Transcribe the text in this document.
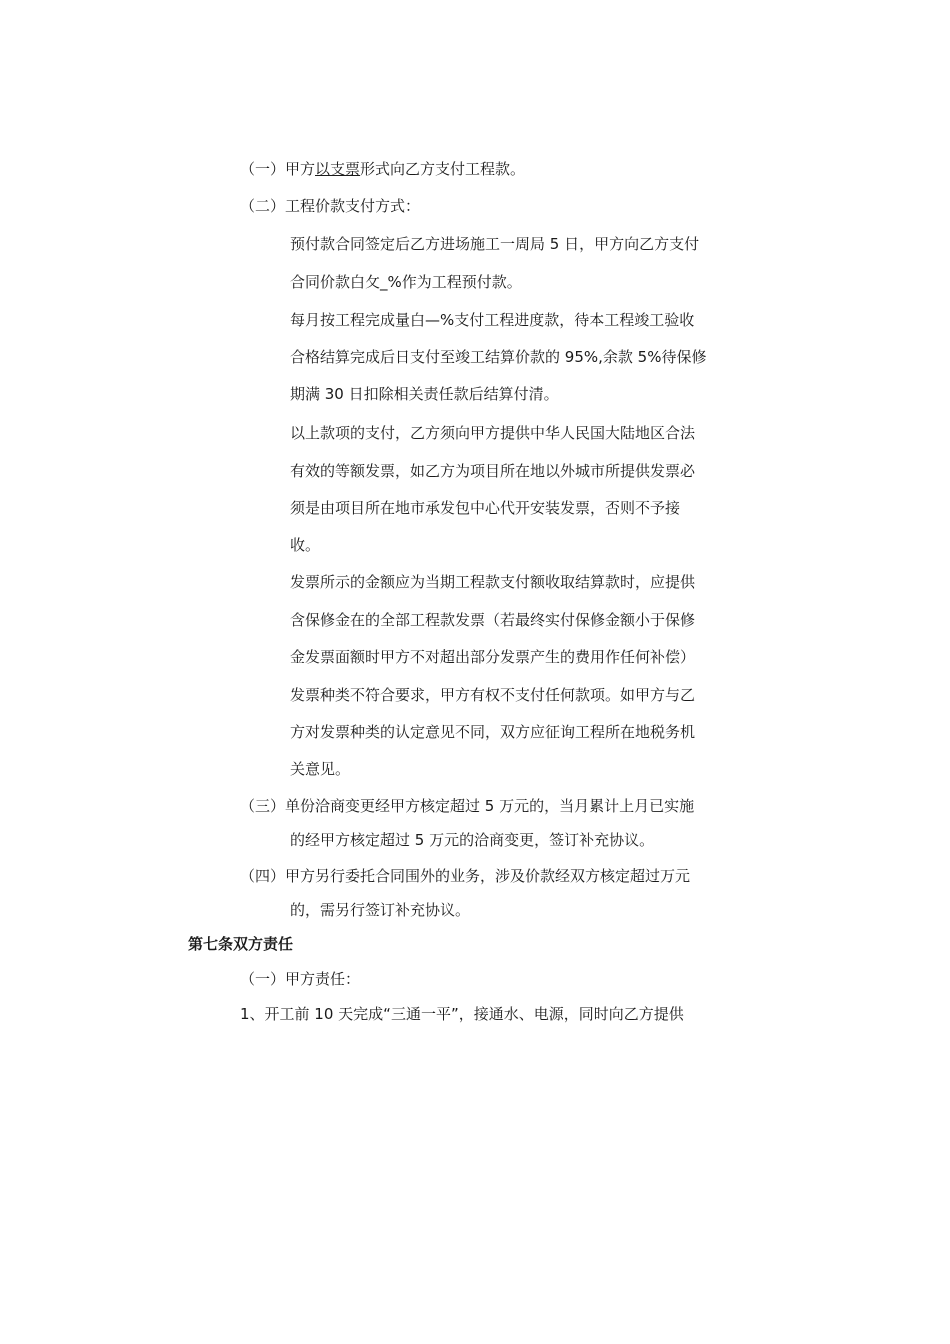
（一）甲方以支票形式向乙方支付工程款。
（二）工程价款支付方式：
预付款合同签定后乙方进场施工一周局 5 日，甲方向乙方支付
合同价款白攵_%作为工程预付款。
每月按工程完成量白—%支付工程进度款，待本工程竣工验收
合格结算完成后日支付至竣工结算价款的 95%,余款 5%待保修
期满 30 日扣除相关责任款后结算付清。
以上款项的支付，乙方须向甲方提供中华人民国大陆地区合法
有效的等额发票，如乙方为项目所在地以外城市所提供发票必
须是由项目所在地市承发包中心代开安装发票，否则不予接
收。
发票所示的金额应为当期工程款支付额收取结算款时，应提供
含保修金在的全部工程款发票（若最终实付保修金额小于保修
金发票面额时甲方不对超出部分发票产生的费用作任何补偿）
发票种类不符合要求，甲方有权不支付任何款项。如甲方与乙
方对发票种类的认定意见不同，双方应征询工程所在地税务机
关意见。
（三）单份洽商变更经甲方核定超过 5 万元的，当月累计上月已实施
的经甲方核定超过 5 万元的洽商变更，签订补充协议。
（四）甲方另行委托合同围外的业务，涉及价款经双方核定超过万元
的，需另行签订补充协议。
第七条双方责任
（一）甲方责任：
1、开工前 10 天完成“三通一平”，接通水、电源，同时向乙方提供
